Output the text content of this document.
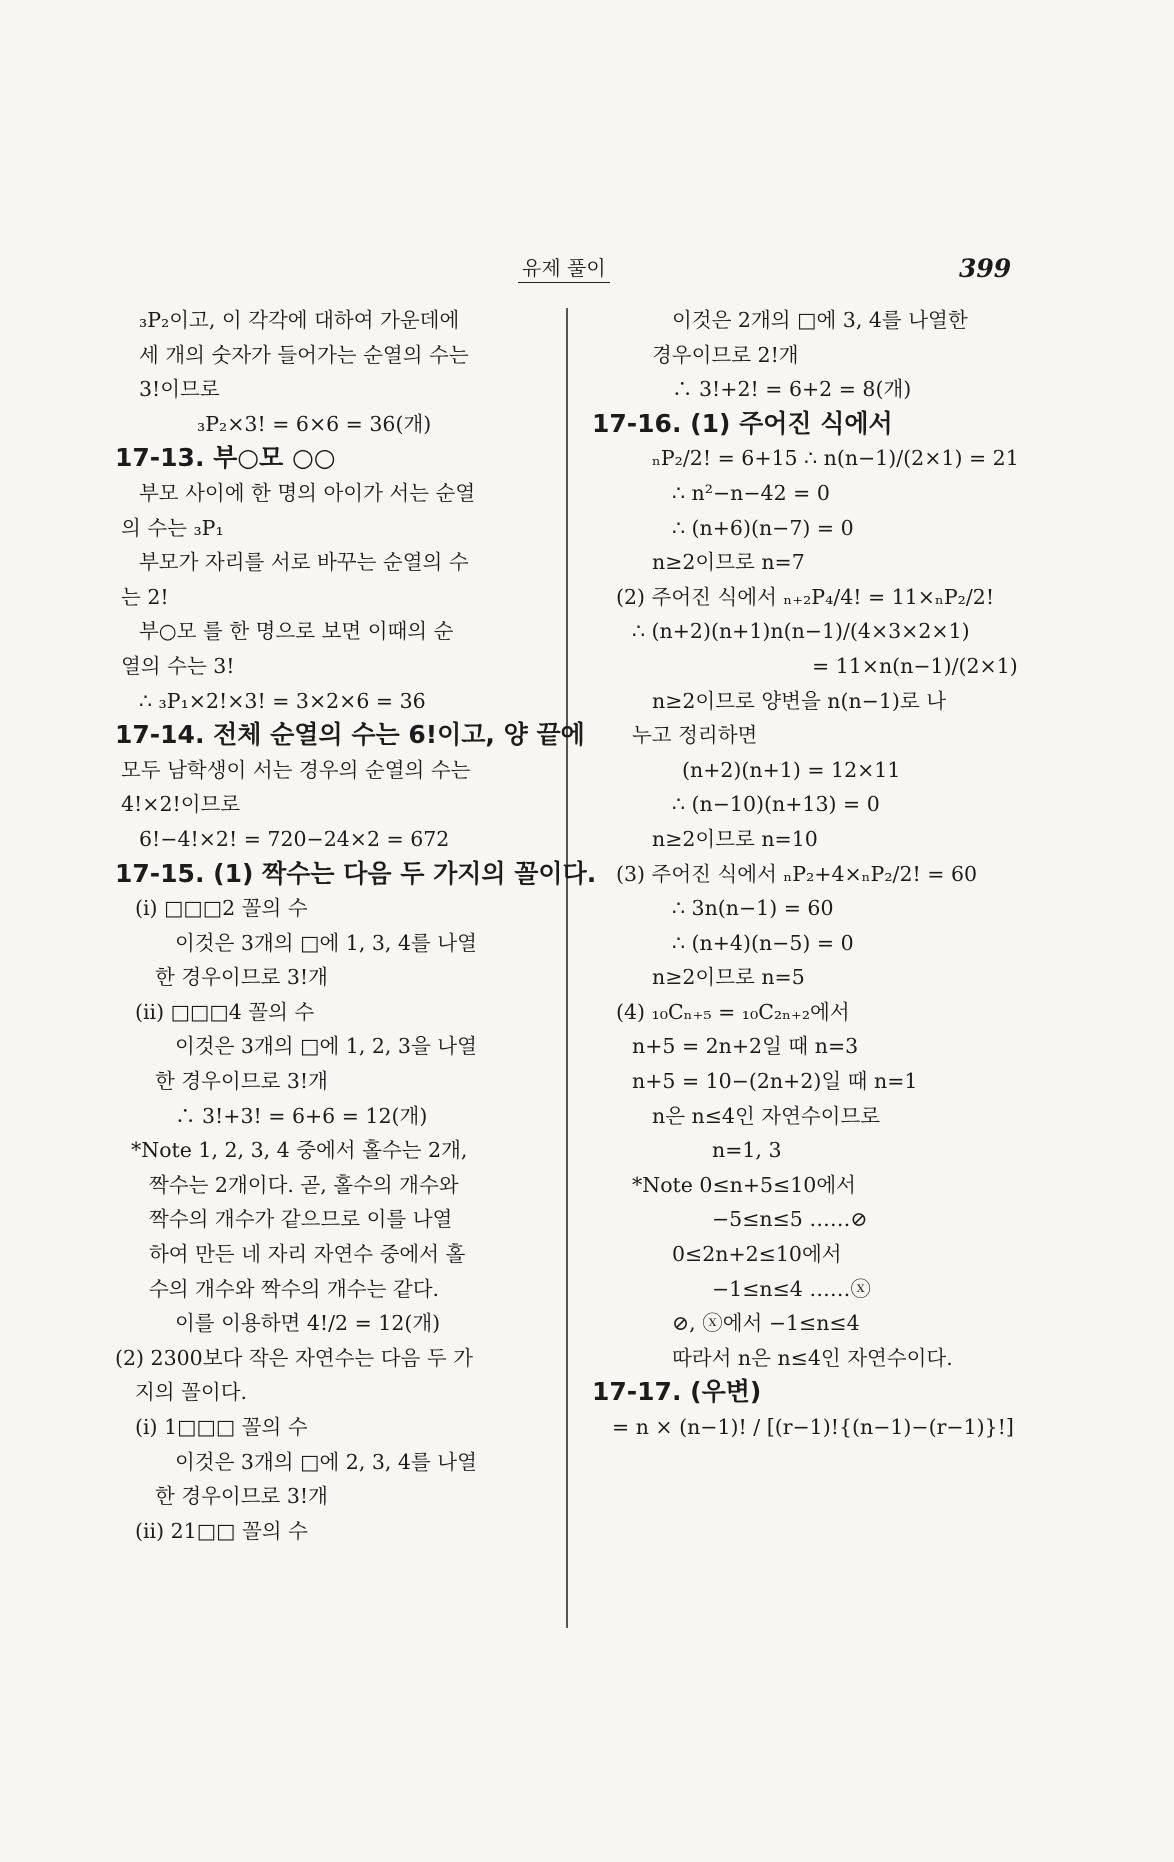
유제 풀이	399
₃P₂이고, 이 각각에 대하여 가운데에
세 개의 숫자가 들어가는 순열의 수는
3!이므로
₃P₂×3! = 6×6 = 36(개)
17-13. 부○모 ○○
부모 사이에 한 명의 아이가 서는 순열
의 수는 ₃P₁
부모가 자리를 서로 바꾸는 순열의 수
는 2!
부○모 를 한 명으로 보면 이때의 순
열의 수는 3!
∴ ₃P₁×2!×3! = 3×2×6 = 36
17-14. 전체 순열의 수는 6!이고, 양 끝에
모두 남학생이 서는 경우의 순열의 수는
4!×2!이므로
6!−4!×2! = 720−24×2 = 672
17-15. (1) 짝수는 다음 두 가지의 꼴이다.
(i) □□□2 꼴의 수
이것은 3개의 □에 1, 3, 4를 나열
한 경우이므로 3!개
(ii) □□□4 꼴의 수
이것은 3개의 □에 1, 2, 3을 나열
한 경우이므로 3!개
∴ 3!+3! = 6+6 = 12(개)
*Note 1, 2, 3, 4 중에서 홀수는 2개,
짝수는 2개이다. 곧, 홀수의 개수와
짝수의 개수가 같으므로 이를 나열
하여 만든 네 자리 자연수 중에서 홀
수의 개수와 짝수의 개수는 같다.
이를 이용하면 4!/2 = 12(개)
(2) 2300보다 작은 자연수는 다음 두 가
지의 꼴이다.
(i) 1□□□ 꼴의 수
이것은 3개의 □에 2, 3, 4를 나열
한 경우이므로 3!개
(ii) 21□□ 꼴의 수
이것은 2개의 □에 3, 4를 나열한
경우이므로 2!개
∴ 3!+2! = 6+2 = 8(개)
17-16. (1) 주어진 식에서
ₙP₂/2! = 6+15 ∴ n(n−1)/(2×1) = 21
∴ n²−n−42 = 0
∴ (n+6)(n−7) = 0
n≥2이므로 n=7
(2) 주어진 식에서 ₙ₊₂P₄/4! = 11×ₙP₂/2!
∴ (n+2)(n+1)n(n−1)/(4×3×2×1)
= 11×n(n−1)/(2×1)
n≥2이므로 양변을 n(n−1)로 나
누고 정리하면
(n+2)(n+1) = 12×11
∴ (n−10)(n+13) = 0
n≥2이므로 n=10
(3) 주어진 식에서 ₙP₂+4×ₙP₂/2! = 60
∴ 3n(n−1) = 60
∴ (n+4)(n−5) = 0
n≥2이므로 n=5
(4) ₁₀Cₙ₊₅ = ₁₀C₂ₙ₊₂에서
n+5 = 2n+2일 때 n=3
n+5 = 10−(2n+2)일 때 n=1
n은 n≤4인 자연수이므로
n=1, 3
*Note 0≤n+5≤10에서
−5≤n≤5 ……⊘
0≤2n+2≤10에서
−1≤n≤4 ……ⓧ
⊘, ⓧ에서 −1≤n≤4
따라서 n은 n≤4인 자연수이다.
17-17. (우변)
= n × (n−1)! / [(r−1)!{(n−1)−(r−1)}!]
